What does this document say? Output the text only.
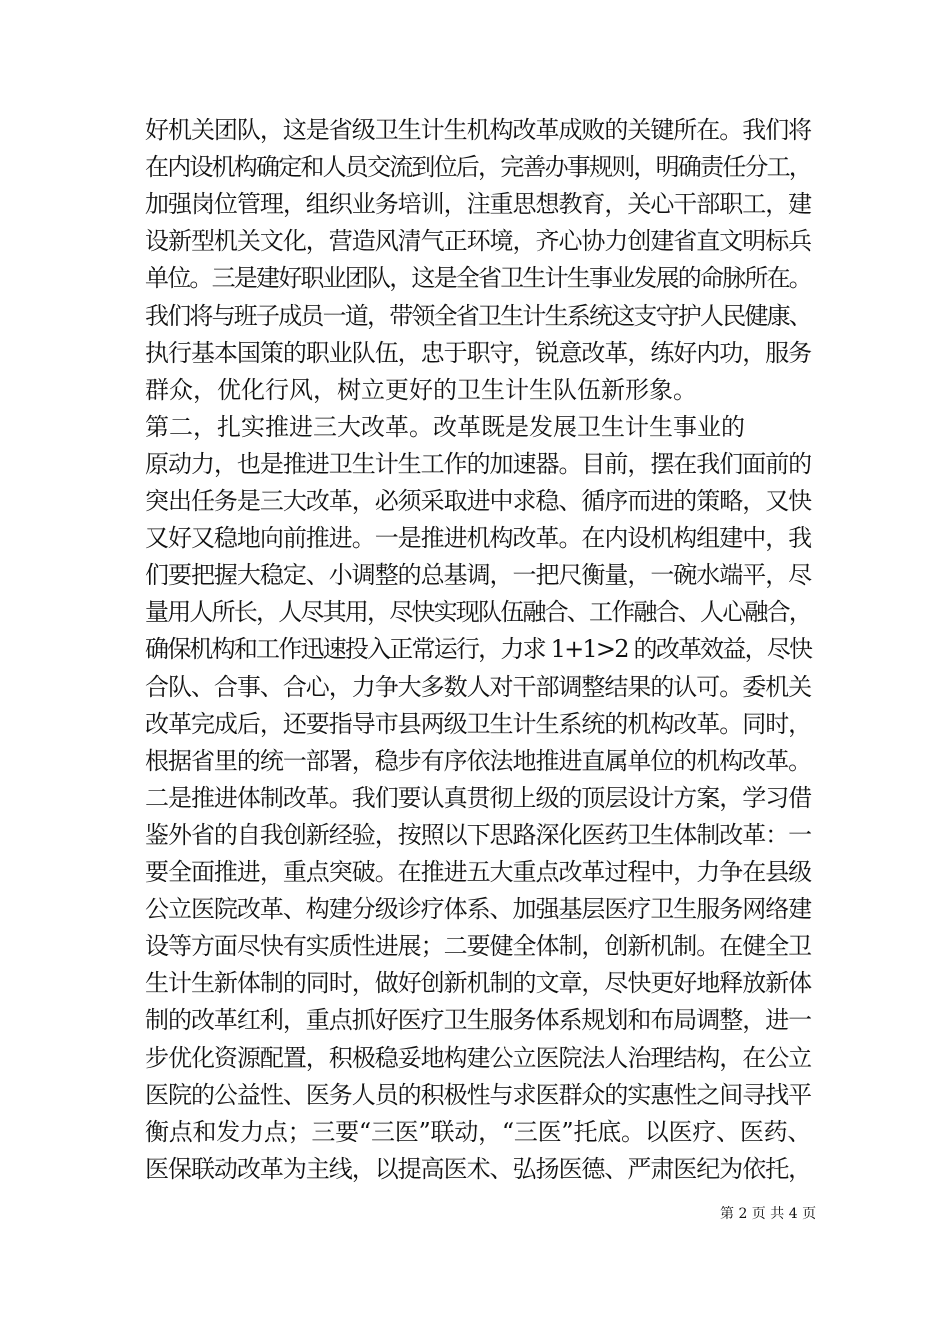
好机关团队，这是省级卫生计生机构改革成败的关键所在。我们将
在内设机构确定和人员交流到位后，完善办事规则，明确责任分工，
加强岗位管理，组织业务培训，注重思想教育，关心干部职工，建
设新型机关文化，营造风清气正环境，齐心协力创建省直文明标兵
单位。三是建好职业团队，这是全省卫生计生事业发展的命脉所在。
我们将与班子成员一道，带领全省卫生计生系统这支守护人民健康、
执行基本国策的职业队伍，忠于职守，锐意改革，练好内功，服务
群众，优化行风，树立更好的卫生计生队伍新形象。
第二，扎实推进三大改革。改革既是发展卫生计生事业的
原动力，也是推进卫生计生工作的加速器。目前，摆在我们面前的
突出任务是三大改革，必须采取进中求稳、循序而进的策略，又快
又好又稳地向前推进。一是推进机构改革。在内设机构组建中，我
们要把握大稳定、小调整的总基调，一把尺衡量，一碗水端平，尽
量用人所长，人尽其用，尽快实现队伍融合、工作融合、人心融合，
确保机构和工作迅速投入正常运行，力求 1+1>2 的改革效益，尽快
合队、合事、合心，力争大多数人对干部调整结果的认可。委机关
改革完成后，还要指导市县两级卫生计生系统的机构改革。同时，
根据省里的统一部署，稳步有序依法地推进直属单位的机构改革。
二是推进体制改革。我们要认真贯彻上级的顶层设计方案，学习借
鉴外省的自我创新经验，按照以下思路深化医药卫生体制改革：一
要全面推进，重点突破。在推进五大重点改革过程中，力争在县级
公立医院改革、构建分级诊疗体系、加强基层医疗卫生服务网络建
设等方面尽快有实质性进展；二要健全体制，创新机制。在健全卫
生计生新体制的同时，做好创新机制的文章，尽快更好地释放新体
制的改革红利，重点抓好医疗卫生服务体系规划和布局调整，进一
步优化资源配置，积极稳妥地构建公立医院法人治理结构，在公立
医院的公益性、医务人员的积极性与求医群众的实惠性之间寻找平
衡点和发力点；三要“三医”联动，“三医”托底。以医疗、医药、
医保联动改革为主线，以提高医术、弘扬医德、严肃医纪为依托，
第 2 页 共 4 页
